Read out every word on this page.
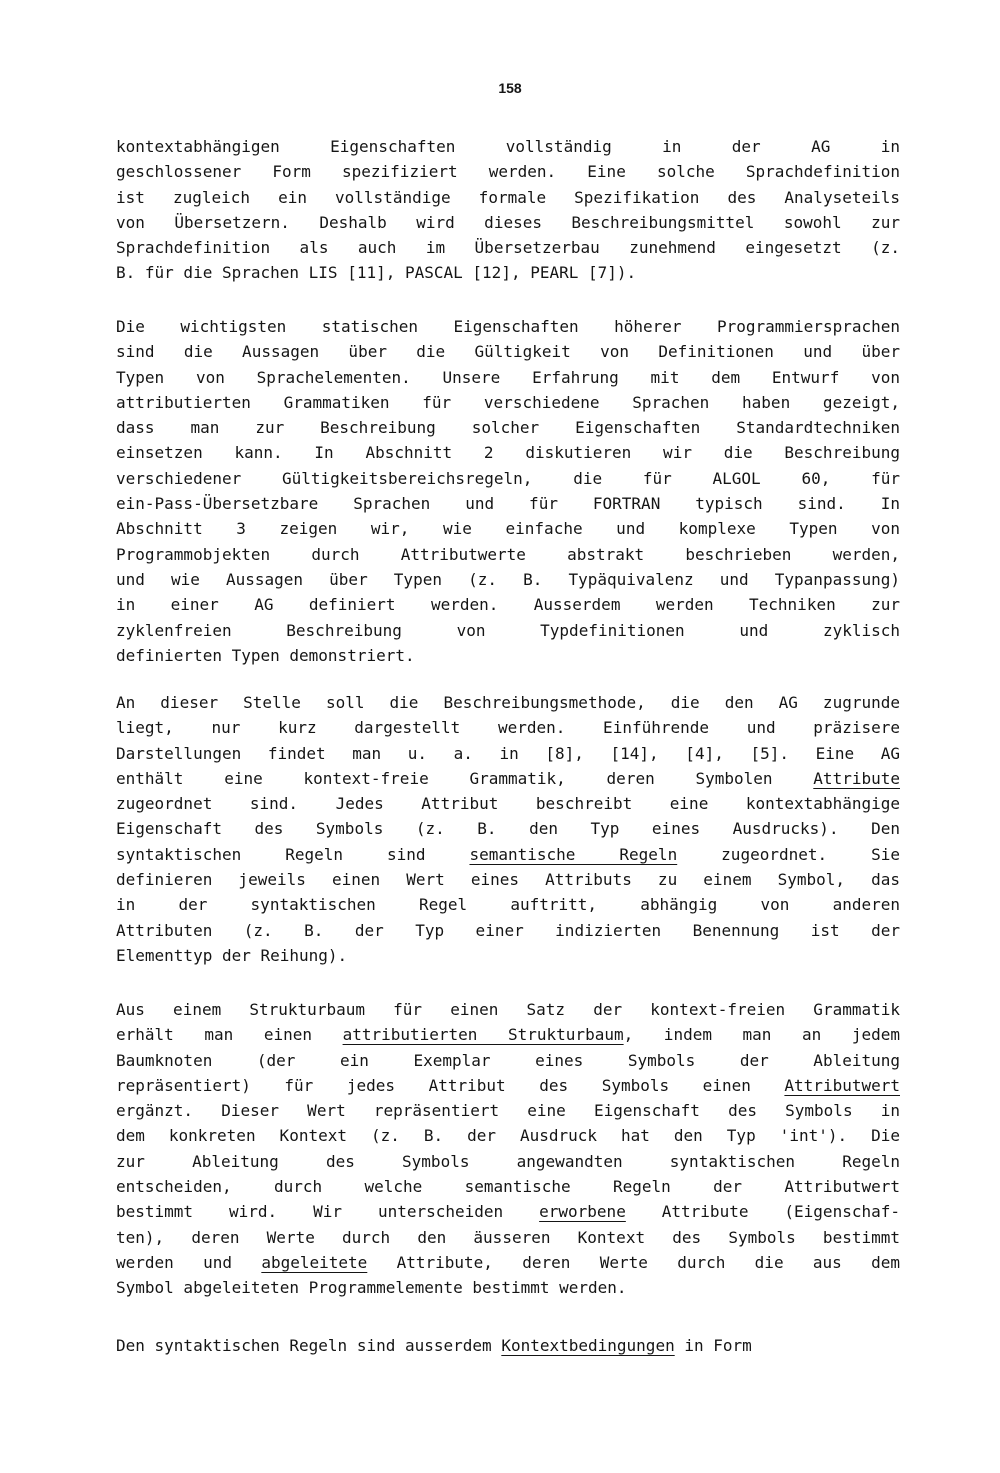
158
kontextabhängigen Eigenschaften vollständig in der AG in
geschlossener Form spezifiziert werden. Eine solche Sprachdefinition
ist zugleich ein vollständige formale Spezifikation des Analyseteils
von Übersetzern. Deshalb wird dieses Beschreibungsmittel sowohl zur
Sprachdefinition als auch im Übersetzerbau zunehmend eingesetzt (z.
B. für die Sprachen LIS [11], PASCAL [12], PEARL [7]).
Die wichtigsten statischen Eigenschaften höherer Programmiersprachen
sind die Aussagen über die Gültigkeit von Definitionen und über
Typen von Sprachelementen. Unsere Erfahrung mit dem Entwurf von
attributierten Grammatiken für verschiedene Sprachen haben gezeigt,
dass man zur Beschreibung solcher Eigenschaften Standardtechniken
einsetzen kann. In Abschnitt 2 diskutieren wir die Beschreibung
verschiedener Gültigkeitsbereichsregeln, die für ALGOL 60, für
ein-Pass-Übersetzbare Sprachen und für FORTRAN typisch sind. In
Abschnitt 3 zeigen wir, wie einfache und komplexe Typen von
Programmobjekten durch Attributwerte abstrakt beschrieben werden,
und wie Aussagen über Typen (z. B. Typäquivalenz und Typanpassung)
in einer AG definiert werden. Ausserdem werden Techniken zur
zyklenfreien Beschreibung von Typdefinitionen und zyklisch
definierten Typen demonstriert.
An dieser Stelle soll die Beschreibungsmethode, die den AG zugrunde
liegt, nur kurz dargestellt werden. Einführende und präzisere
Darstellungen findet man u. a. in [8], [14], [4], [5]. Eine AG
enthält eine kontext-freie Grammatik, deren Symbolen Attribute
zugeordnet sind. Jedes Attribut beschreibt eine kontextabhängige
Eigenschaft des Symbols (z. B. den Typ eines Ausdrucks). Den
syntaktischen Regeln sind semantische Regeln zugeordnet. Sie
definieren jeweils einen Wert eines Attributs zu einem Symbol, das
in der syntaktischen Regel auftritt, abhängig von anderen
Attributen (z. B. der Typ einer indizierten Benennung ist der
Elementtyp der Reihung).
Aus einem Strukturbaum für einen Satz der kontext-freien Grammatik
erhält man einen attributierten Strukturbaum, indem man an jedem
Baumknoten (der ein Exemplar eines Symbols der Ableitung
repräsentiert) für jedes Attribut des Symbols einen Attributwert
ergänzt. Dieser Wert repräsentiert eine Eigenschaft des Symbols in
dem konkreten Kontext (z. B. der Ausdruck hat den Typ 'int'). Die
zur Ableitung des Symbols angewandten syntaktischen Regeln
entscheiden, durch welche semantische Regeln der Attributwert
bestimmt wird. Wir unterscheiden erworbene Attribute (Eigenschaf-
ten), deren Werte durch den äusseren Kontext des Symbols bestimmt
werden und abgeleitete Attribute, deren Werte durch die aus dem
Symbol abgeleiteten Programmelemente bestimmt werden.
Den syntaktischen Regeln sind ausserdem Kontextbedingungen in Form
